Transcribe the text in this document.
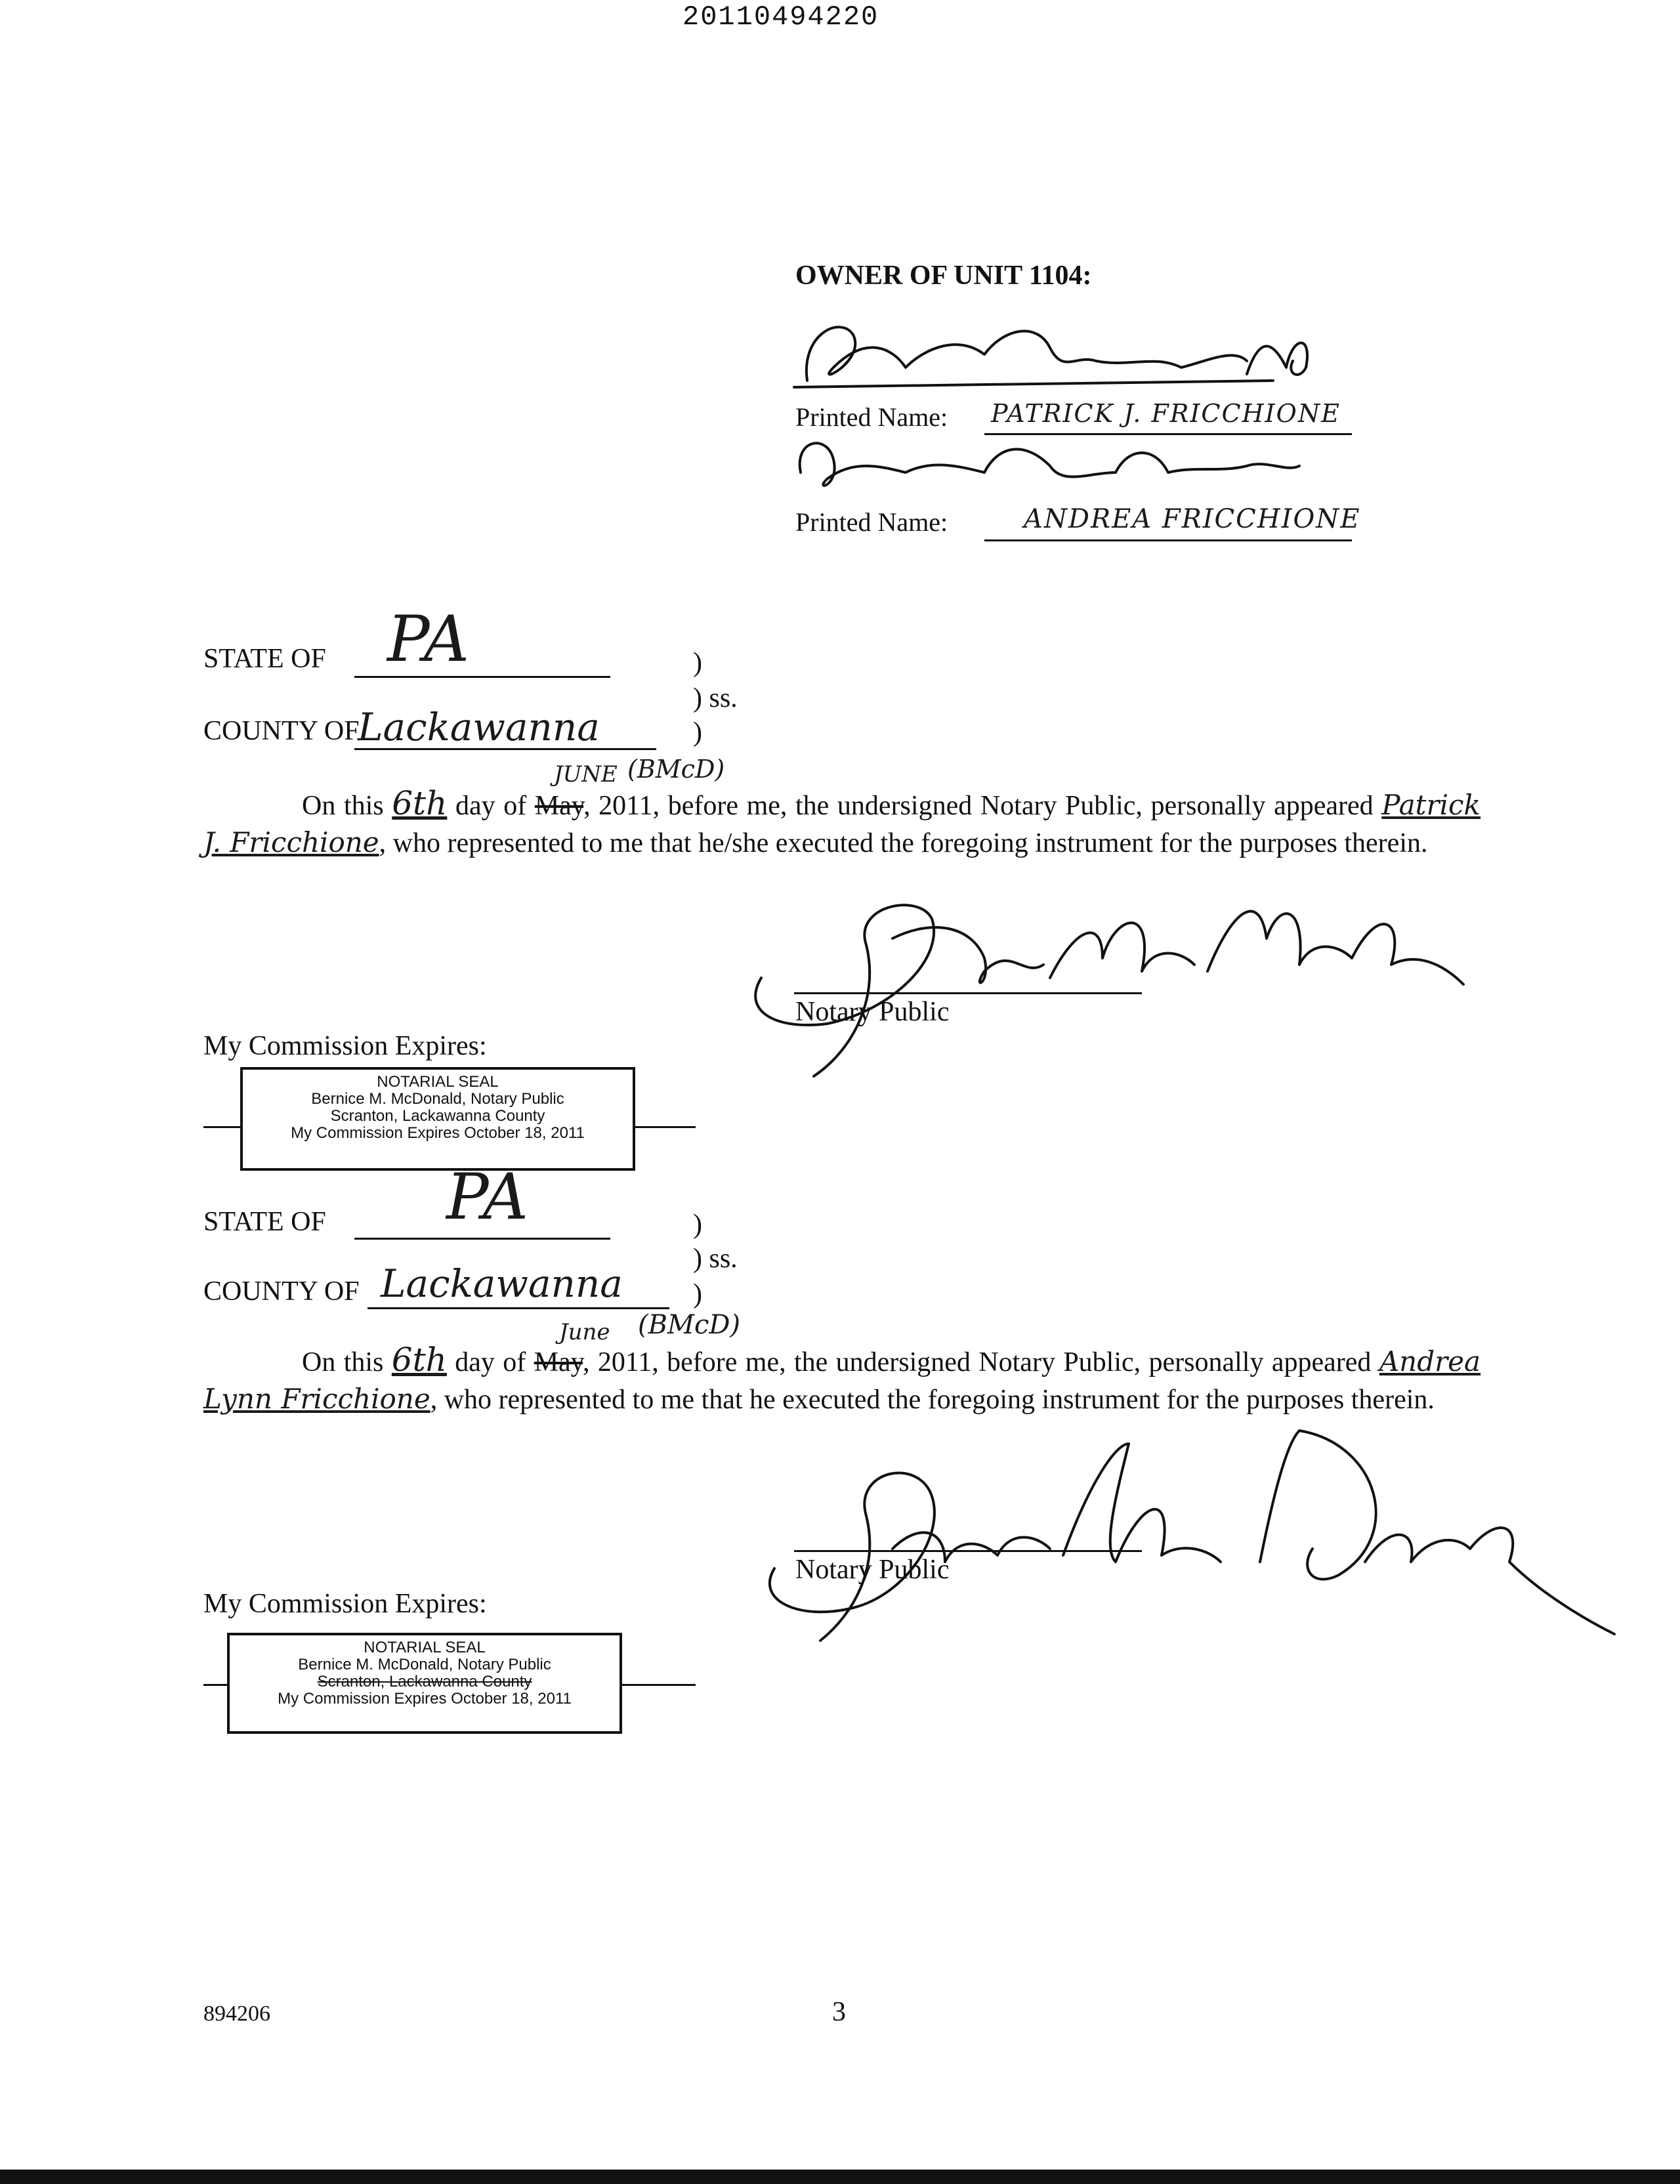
20110494220
OWNER OF UNIT 1104:
Printed Name: PATRICK J. FRICCHIONE
Printed Name:	ANDREA FRICCHIONE
STATE OF PA	)
) ss.
COUNTY OF
Lackawanna	)
JUNE (BMcD)
On this 6th day of May, 2011, before me, the undersigned Notary Public, personally appeared Patrick J. Fricchione, who represented to me that he/she executed the foregoing instrument for the purposes therein.
Notary Public
My Commission Expires:
NOTARIAL SEAL
Bernice M. McDonald, Notary Public
Scranton, Lackawanna County
My Commission Expires October 18, 2011
STATE OF PA	)
) ss.
COUNTY OF Lackawanna	)
June (BMcD)
On this 6th day of May, 2011, before me, the undersigned Notary Public, personally appeared Andrea Lynn Fricchione, who represented to me that he executed the foregoing instrument for the purposes therein.
Notary Public
My Commission Expires:
NOTARIAL SEAL
Bernice M. McDonald, Notary Public
Scranton, Lackawanna County
My Commission Expires October 18, 2011
894206	3
